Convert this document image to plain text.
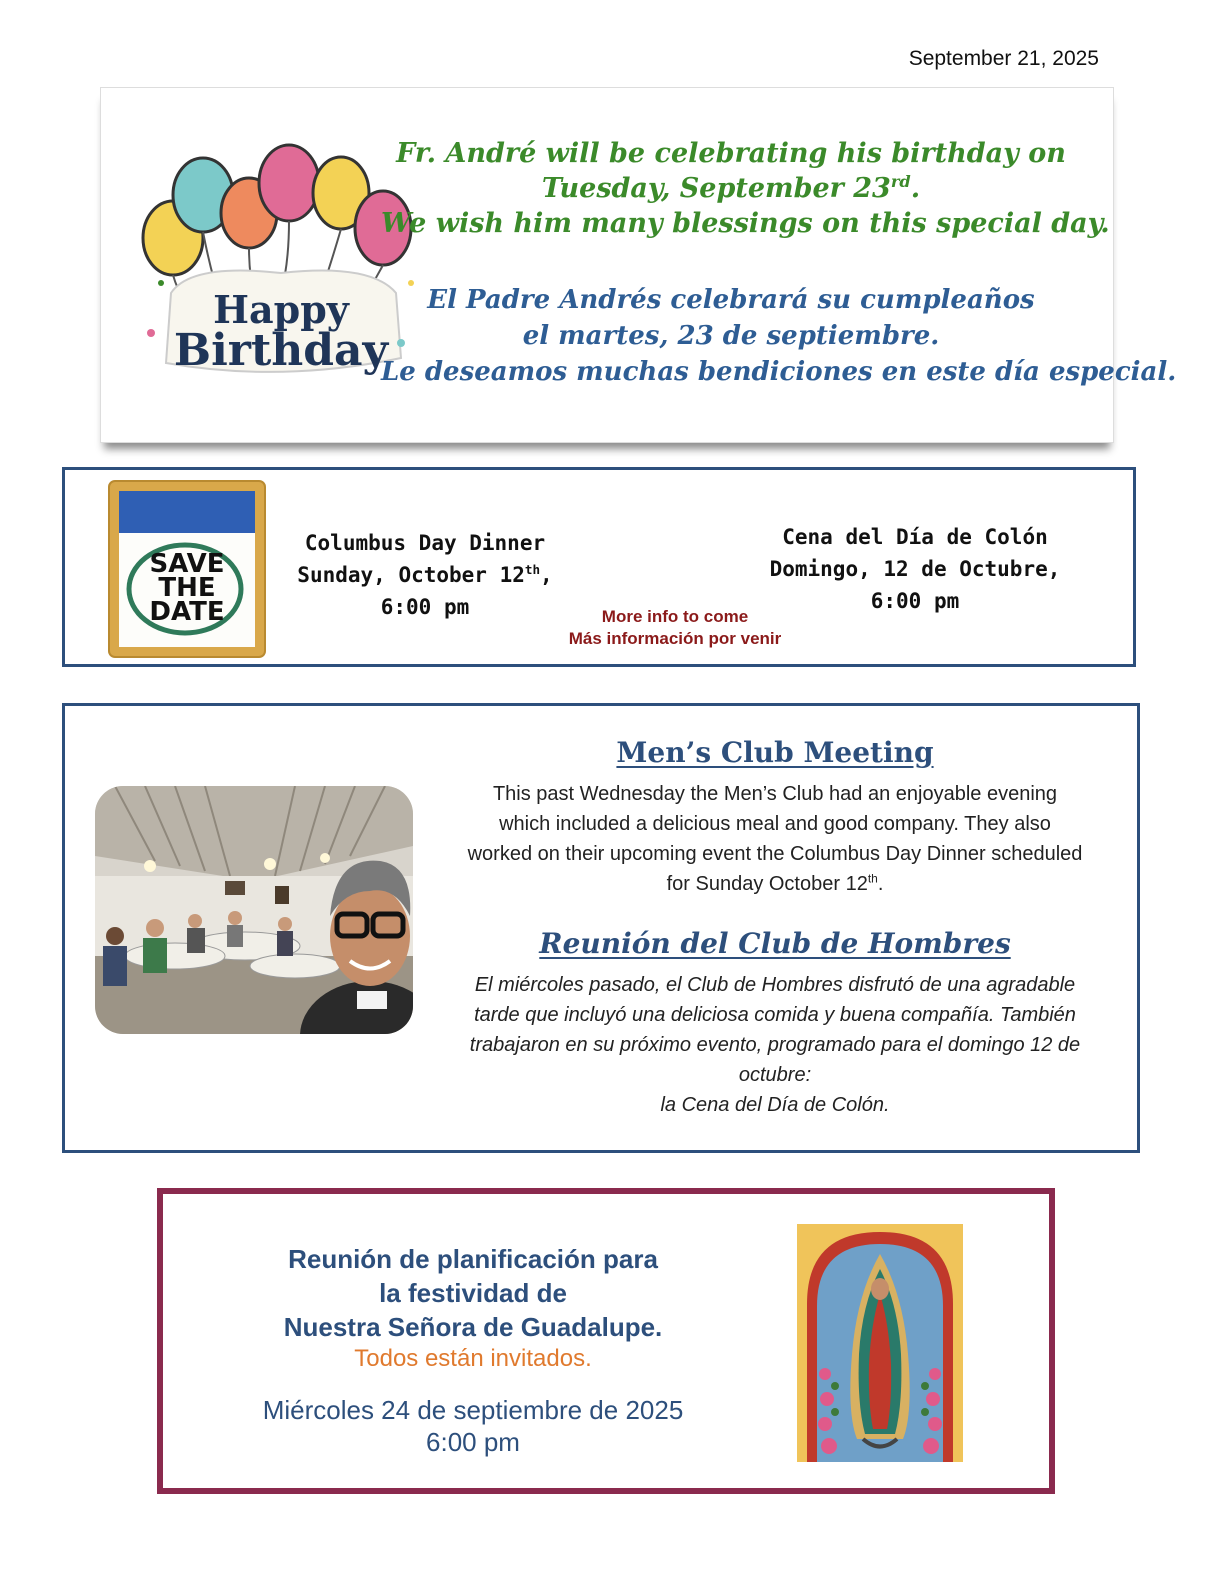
September 21, 2025
Happy
Birthday
Fr. André will be celebrating his birthday on
Tuesday, September 23rd.
We wish him many blessings on this special day.
El Padre Andrés celebrará su cumpleaños
el martes, 23 de septiembre.
Le deseamos muchas bendiciones en este día especial.
SAVE
THE
DATE
Columbus Day Dinner
Sunday, October 12th,
6:00 pm	More info to come
Más información por venir
Cena del Día de Colón
Domingo, 12 de Octubre,
6:00 pm
Men’s Club Meeting
This past Wednesday the Men’s Club had an enjoyable evening which included a delicious meal and good company. They also worked on their upcoming event the Columbus Day Dinner scheduled for Sunday October 12th.
Reunión del Club de Hombres
El miércoles pasado, el Club de Hombres disfrutó de una agradable tarde que incluyó una deliciosa comida y buena compañía. También trabajaron en su próximo evento, programado para el domingo 12 de octubre:
la Cena del Día de Colón.
Reunión de planificación para
la festividad de
Nuestra Señora de Guadalupe.
Todos están invitados.
Miércoles 24 de septiembre de 2025
6:00 pm
